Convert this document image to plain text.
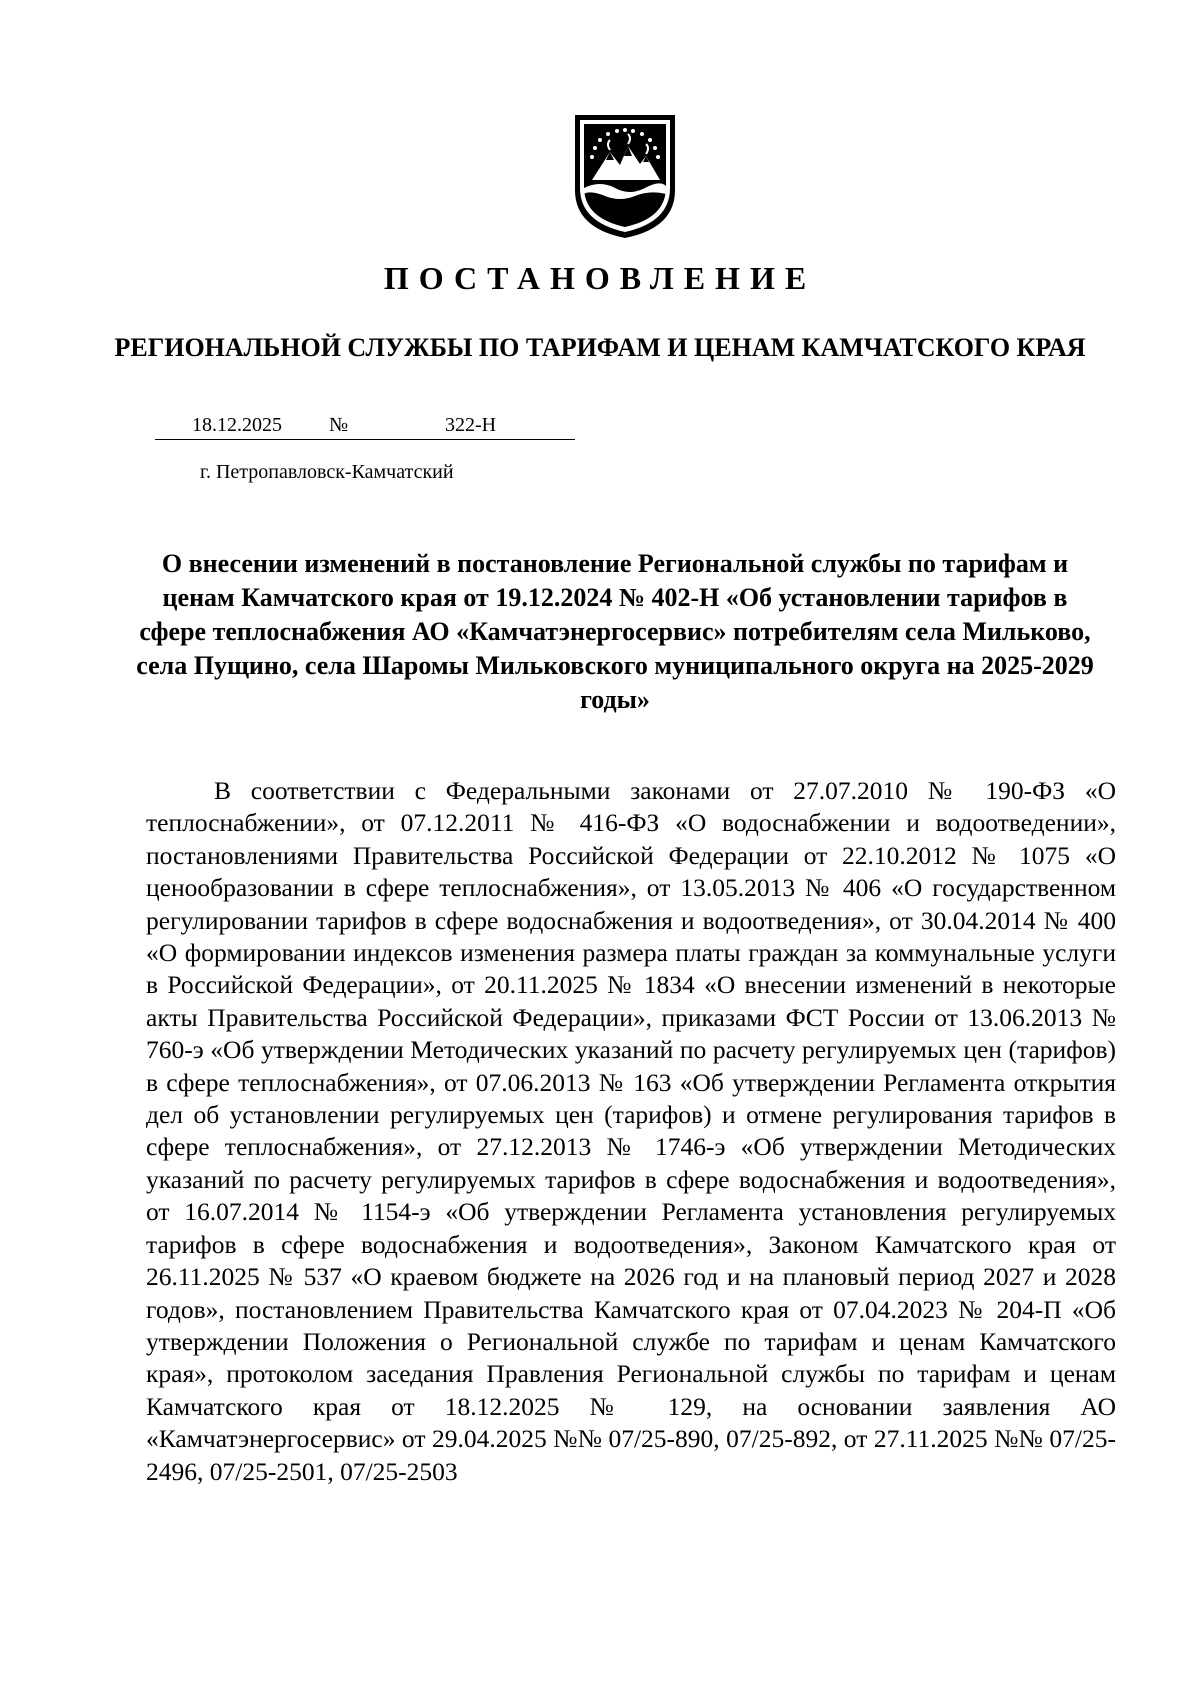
ПОСТАНОВЛЕНИЕ
РЕГИОНАЛЬНОЙ СЛУЖБЫ ПО ТАРИФАМ И ЦЕНАМ КАМЧАТСКОГО КРАЯ
18.12.2025 №	322-Н
г. Петропавловск-Камчатский
О внесении изменений в постановление Региональной службы по тарифам и ценам Камчатского края от 19.12.2024 № 402-Н «Об установлении тарифов в сфере теплоснабжения АО «Камчатэнергосервис» потребителям села Мильково, села Пущино, села Шаромы Мильковского муниципального округа на 2025-2029 годы»

В соответствии с Федеральными законами от 27.07.2010 № 190-ФЗ «О теплоснабжении», от 07.12.2011 № 416-ФЗ «О водоснабжении и водоотведении», постановлениями Правительства Российской Федерации от 22.10.2012 № 1075 «О ценообразовании в сфере теплоснабжения», от 13.05.2013 № 406 «О государственном регулировании тарифов в сфере водоснабжения и водоотведения», от 30.04.2014 № 400 «О формировании индексов изменения размера платы граждан за коммунальные услуги в Российской Федерации», от 20.11.2025 № 1834 «О внесении изменений в некоторые акты Правительства Российской Федерации», приказами ФСТ России от 13.06.2013 № 760-э «Об утверждении Методических указаний по расчету регулируемых цен (тарифов) в сфере теплоснабжения», от 07.06.2013 № 163 «Об утверждении Регламента открытия дел об установлении регулируемых цен (тарифов) и отмене регулирования тарифов в сфере теплоснабжения», от 27.12.2013 № 1746-э «Об утверждении Методических указаний по расчету регулируемых тарифов в сфере водоснабжения и водоотведения», от 16.07.2014 № 1154-э «Об утверждении Регламента установления регулируемых тарифов в сфере водоснабжения и водоотведения», Законом Камчатского края от 26.11.2025 № 537 «О краевом бюджете на 2026 год и на плановый период 2027 и 2028 годов», постановлением Правительства Камчатского края от 07.04.2023 № 204-П «Об утверждении Положения о Региональной службе по тарифам и ценам Камчатского края», протоколом заседания Правления Региональной службы по тарифам и ценам Камчатского края от 18.12.2025 № 129, на основании заявления АО «Камчатэнергосервис» от 29.04.2025 №№ 07/25-890, 07/25-892, от 27.11.2025 №№ 07/25-2496, 07/25-2501, 07/25-2503
